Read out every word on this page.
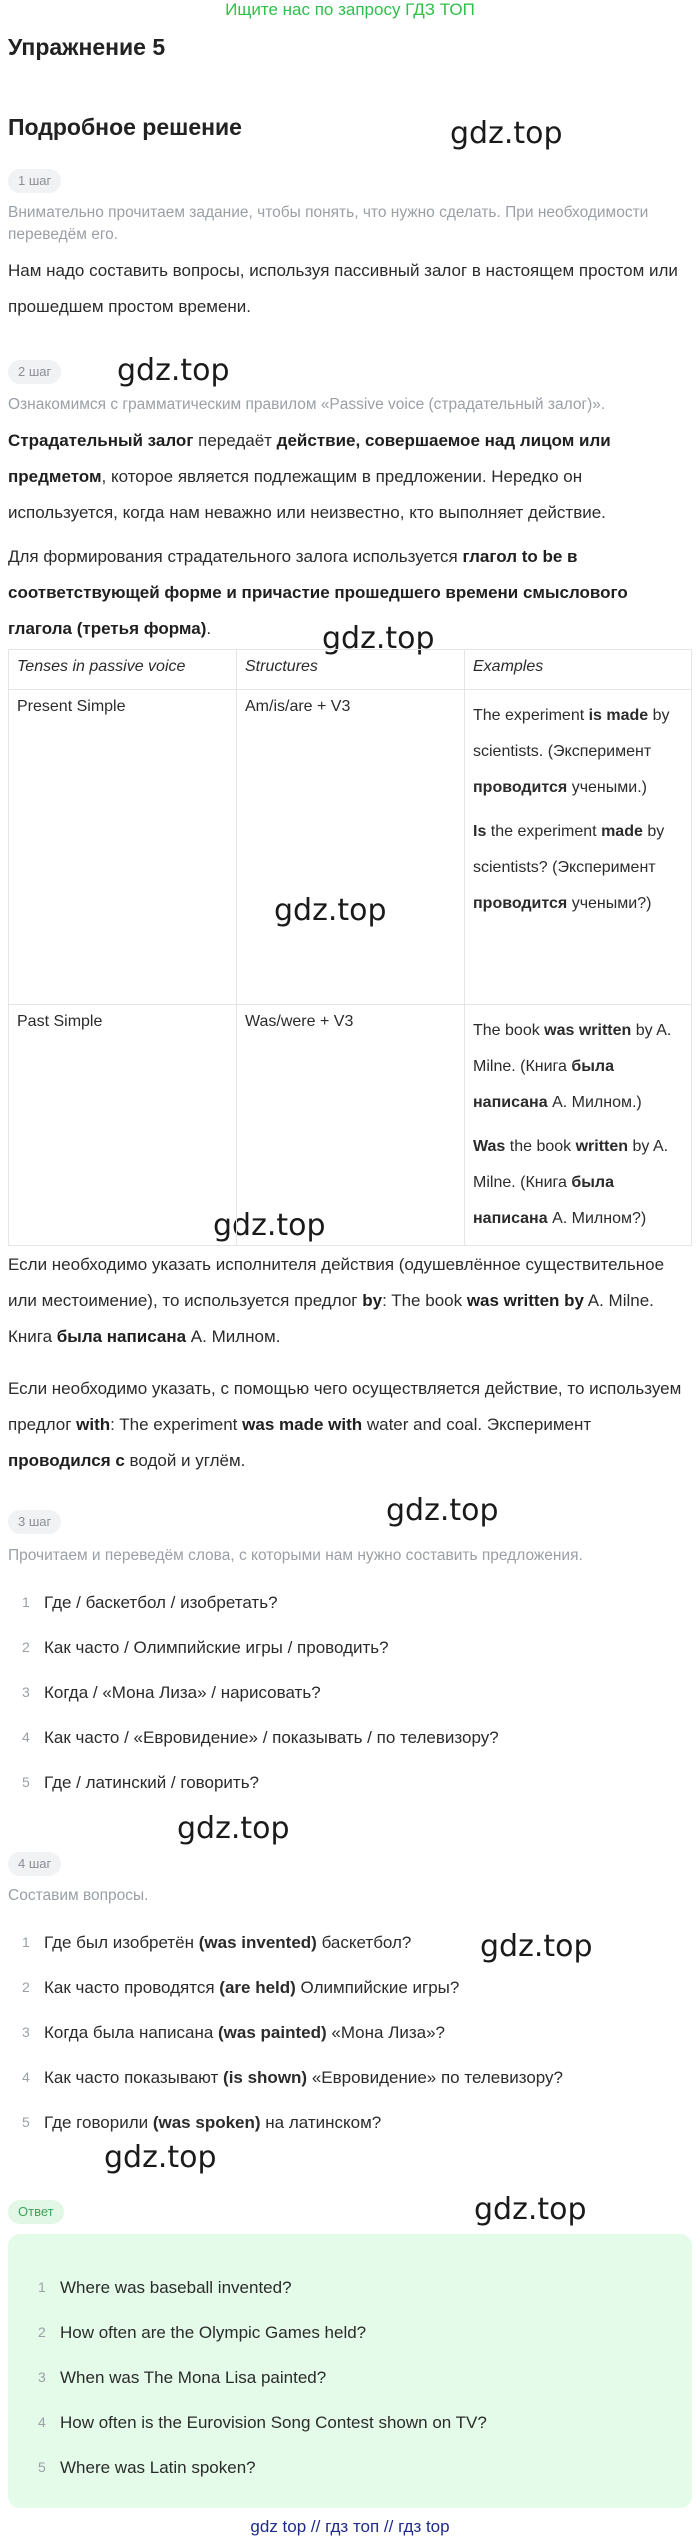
Ищите нас по запросу ГДЗ ТОП
Упражнение 5
Подробное решение	gdz.top
gdz.top
gdz.top
gdz.top
gdz.top
gdz.top
gdz.top
gdz.top
gdz.top
gdz.top
1 шаг
Внимательно прочитаем задание, чтобы понять, что нужно сделать. При необходимости переведём его.
Нам надо составить вопросы, используя пассивный залог в настоящем простом или прошедшем простом времени.
2 шаг
Ознакомимся с грамматическим правилом «Passive voice (страдательный залог)».
Страдательный залог передаёт действие, совершаемое над лицом или предметом, которое является подлежащим в предложении. Нередко он используется, когда нам неважно или неизвестно, кто выполняет действие.
Для формирования страдательного залога используется глагол to be в соответствующей форме и причастие прошедшего времени смыслового глагола (третья форма).
Tenses in passive voice	Structures	Examples
Present Simple	Am/is/are + V3	The experiment is made by scientists. (Эксперимент проводится учеными.)

Is the experiment made by scientists? (Эксперимент проводится учеными?)

Past Simple	Was/were + V3	The book was written by A. Milne. (Книга была написана А. Милном.)

Was the book written by A. Milne. (Книга была написана А. Милном?)

Если необходимо указать исполнителя действия (одушевлённое существительное или местоимение), то используется предлог by: The book was written by A. Milne. Книга была написана А. Милном.
Если необходимо указать, с помощью чего осуществляется действие, то используем предлог with: The experiment was made with water and coal. Эксперимент проводился с водой и углём.
3 шаг
Прочитаем и переведём слова, с которыми нам нужно составить предложения.
1 Где / баскетбол / изобретать?
2 Как часто / Олимпийские игры / проводить?
3 Когда / «Мона Лиза» / нарисовать?
4 Как часто / «Евровидение» / показывать / по телевизору?
5 Где / латинский / говорить?
4 шаг
Составим вопросы.
1 Где был изобретён (was invented) баскетбол?
2 Как часто проводятся (are held) Олимпийские игры?
3 Когда была написана (was painted) «Мона Лиза»?
4 Как часто показывают (is shown) «Евровидение» по телевизору?
5 Где говорили (was spoken) на латинском?
Ответ
1 Where was baseball invented?
2 How often are the Olympic Games held?
3 When was The Mona Lisa painted?
4 How often is the Eurovision Song Contest shown on TV?
5 Where was Latin spoken?
gdz top // гдз топ // гдз top
